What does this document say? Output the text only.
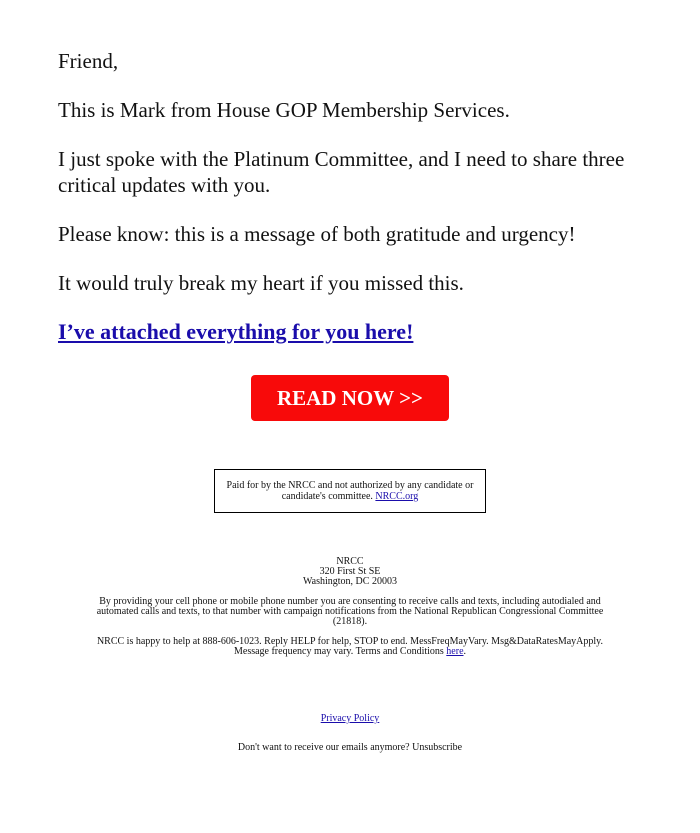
Friend,

This is Mark from House GOP Membership Services.

I just spoke with the Platinum Committee, and I need to share three critical updates with you.

Please know: this is a message of both gratitude and urgency!

It would truly break my heart if you missed this.

I’ve attached everything for you here!

READ NOW >>
Paid for by the NRCC and not authorized by any candidate or candidate's committee. NRCC.org
NRCC
320 First St SE
Washington, DC 20003
By providing your cell phone or mobile phone number you are consenting to receive calls and texts, including autodialed and automated calls and texts, to that number with campaign notifications from the National Republican Congressional Committee (21818).
NRCC is happy to help at 888-606-1023. Reply HELP for help, STOP to end. MessFreqMayVary. Msg&DataRatesMayApply. Message frequency may vary. Terms and Conditions here.
Privacy Policy
Don't want to receive our emails anymore? Unsubscribe
